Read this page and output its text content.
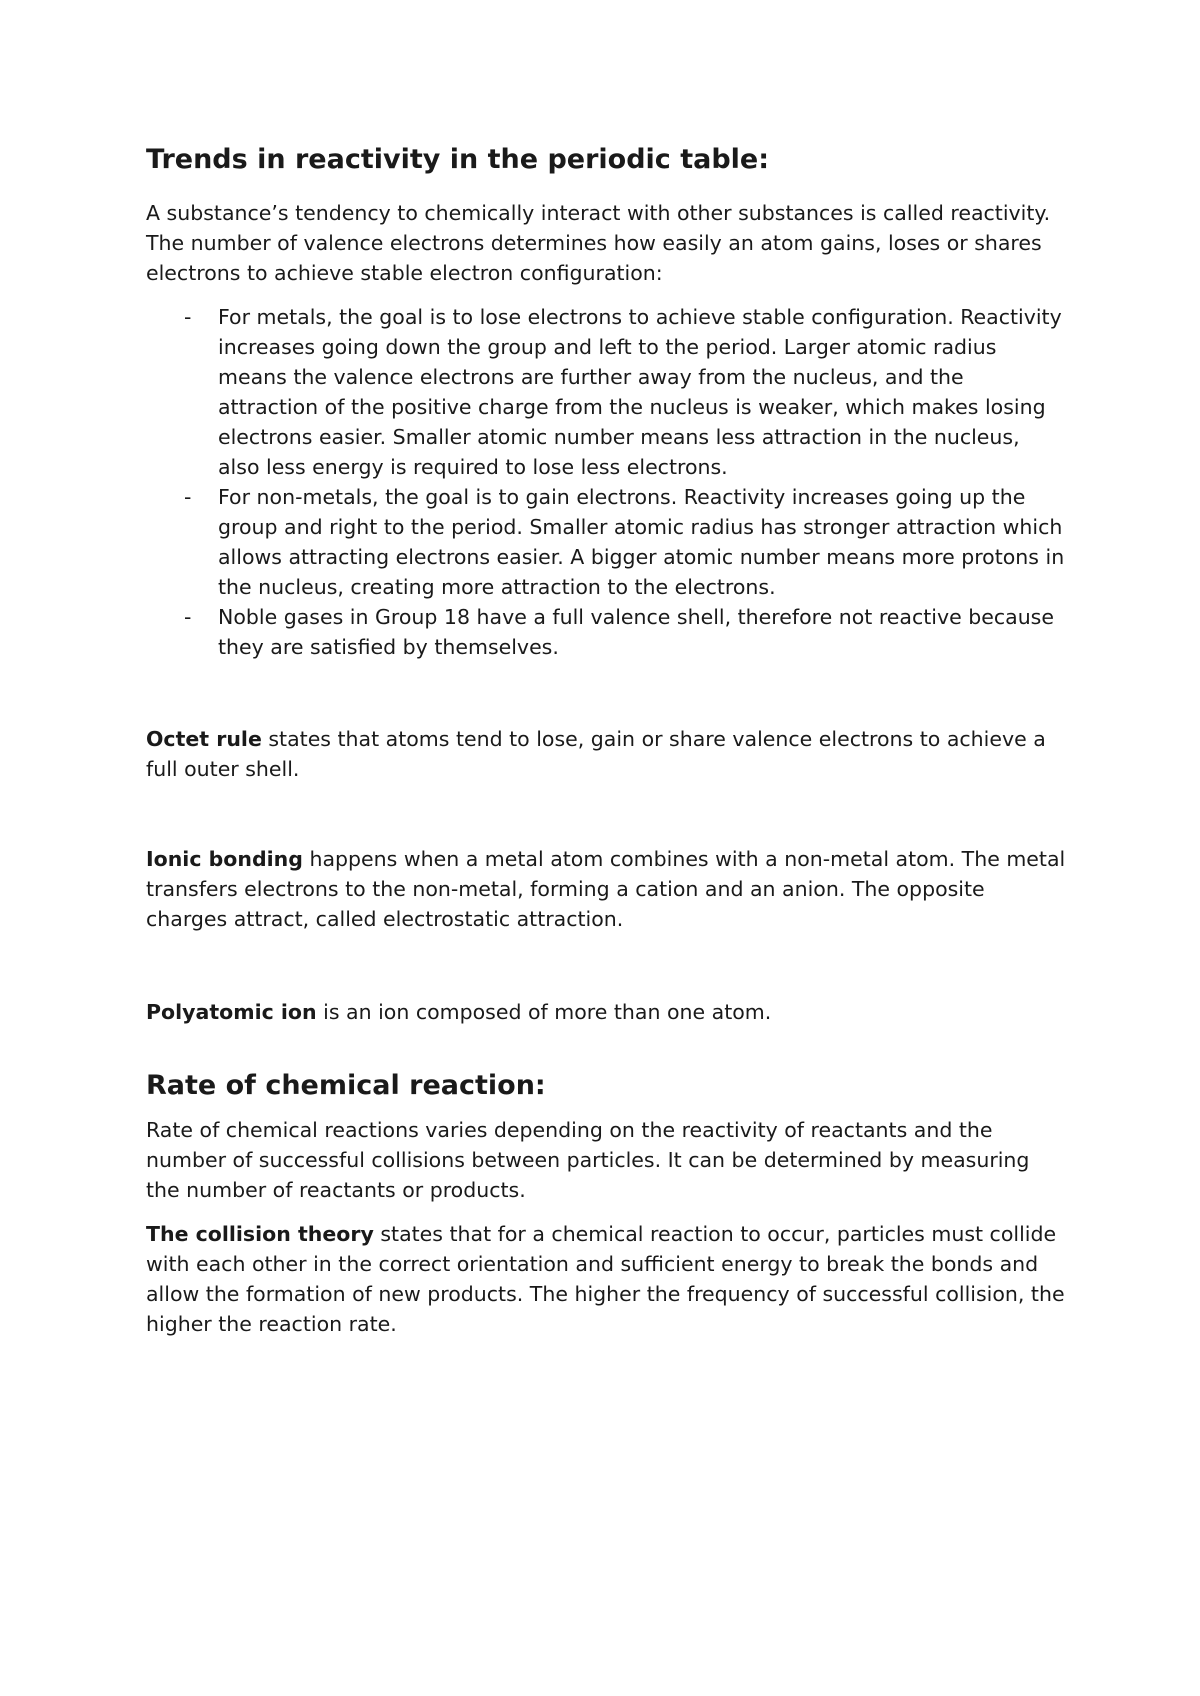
Trends in reactivity in the periodic table:

A substance’s tendency to chemically interact with other substances is called reactivity. The number of valence electrons determines how easily an atom gains, loses or shares electrons to achieve stable electron configuration:

- For metals, the goal is to lose electrons to achieve stable configuration. Reactivity increases going down the group and left to the period. Larger atomic radius means the valence electrons are further away from the nucleus, and the attraction of the positive charge from the nucleus is weaker, which makes losing electrons easier. Smaller atomic number means less attraction in the nucleus, also less energy is required to lose less electrons.
- For non-metals, the goal is to gain electrons. Reactivity increases going up the group and right to the period. Smaller atomic radius has stronger attraction which allows attracting electrons easier. A bigger atomic number means more protons in the nucleus, creating more attraction to the electrons.
- Noble gases in Group 18 have a full valence shell, therefore not reactive because they are satisfied by themselves.

Octet rule states that atoms tend to lose, gain or share valence electrons to achieve a full outer shell.

Ionic bonding happens when a metal atom combines with a non-metal atom. The metal transfers electrons to the non-metal, forming a cation and an anion. The opposite charges attract, called electrostatic attraction.

Polyatomic ion is an ion composed of more than one atom.

Rate of chemical reaction:

Rate of chemical reactions varies depending on the reactivity of reactants and the number of successful collisions between particles. It can be determined by measuring the number of reactants or products.

The collision theory states that for a chemical reaction to occur, particles must collide with each other in the correct orientation and sufficient energy to break the bonds and allow the formation of new products. The higher the frequency of successful collision, the higher the reaction rate.
